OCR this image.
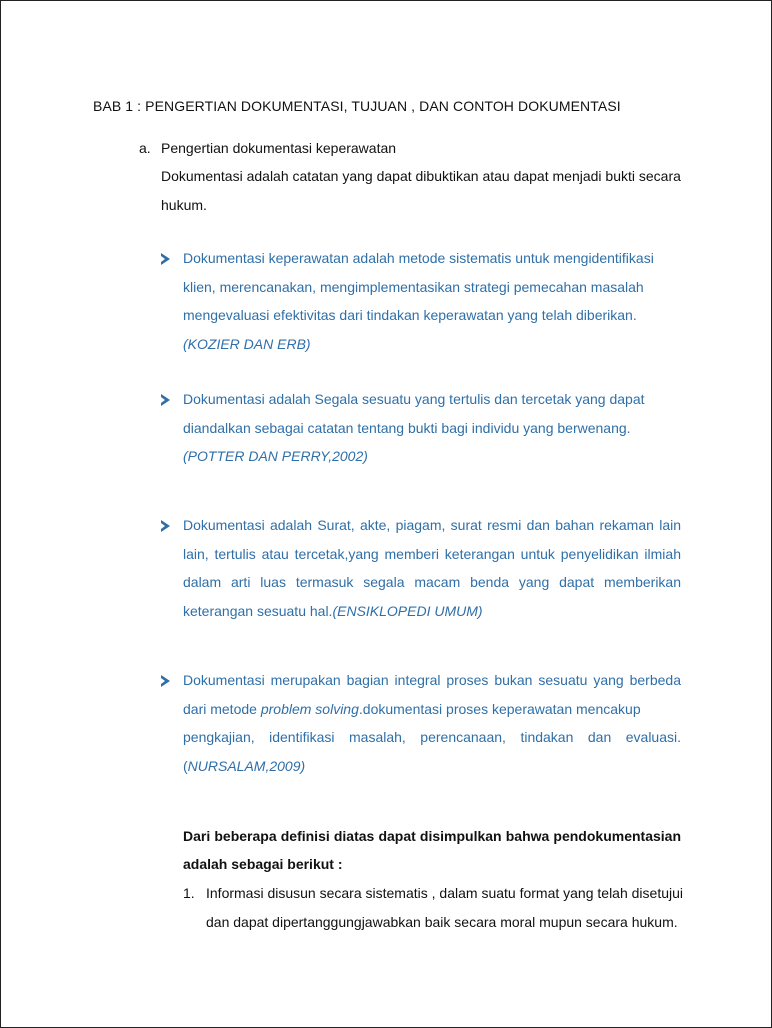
BAB 1 : PENGERTIAN DOKUMENTASI, TUJUAN , DAN CONTOH DOKUMENTASI
a. Pengertian dokumentasi keperawatan
Dokumentasi adalah catatan yang dapat dibuktikan atau dapat menjadi bukti secara
hukum.
Dokumentasi keperawatan adalah metode sistematis untuk mengidentifikasi
klien, merencanakan, mengimplementasikan strategi pemecahan masalah
mengevaluasi efektivitas dari tindakan keperawatan yang telah diberikan.
(KOZIER DAN ERB)
Dokumentasi adalah Segala sesuatu yang tertulis dan tercetak yang dapat
diandalkan sebagai catatan tentang bukti bagi individu yang berwenang.
(POTTER DAN PERRY,2002)
Dokumentasi adalah Surat, akte, piagam, surat resmi dan bahan rekaman lain
lain, tertulis atau tercetak,yang memberi keterangan untuk penyelidikan ilmiah
dalam arti luas termasuk segala macam benda yang dapat memberikan
keterangan sesuatu hal.(ENSIKLOPEDI UMUM)
Dokumentasi merupakan bagian integral proses bukan sesuatu yang berbeda
dari metode problem solving.dokumentasi proses keperawatan mencakup
pengkajian, identifikasi masalah, perencanaan, tindakan dan evaluasi.
(NURSALAM,2009)
Dari beberapa definisi diatas dapat disimpulkan bahwa pendokumentasian
adalah sebagai berikut :
1. Informasi disusun secara sistematis , dalam suatu format yang telah disetujui
dan dapat dipertanggungjawabkan baik secara moral mupun secara hukum.
